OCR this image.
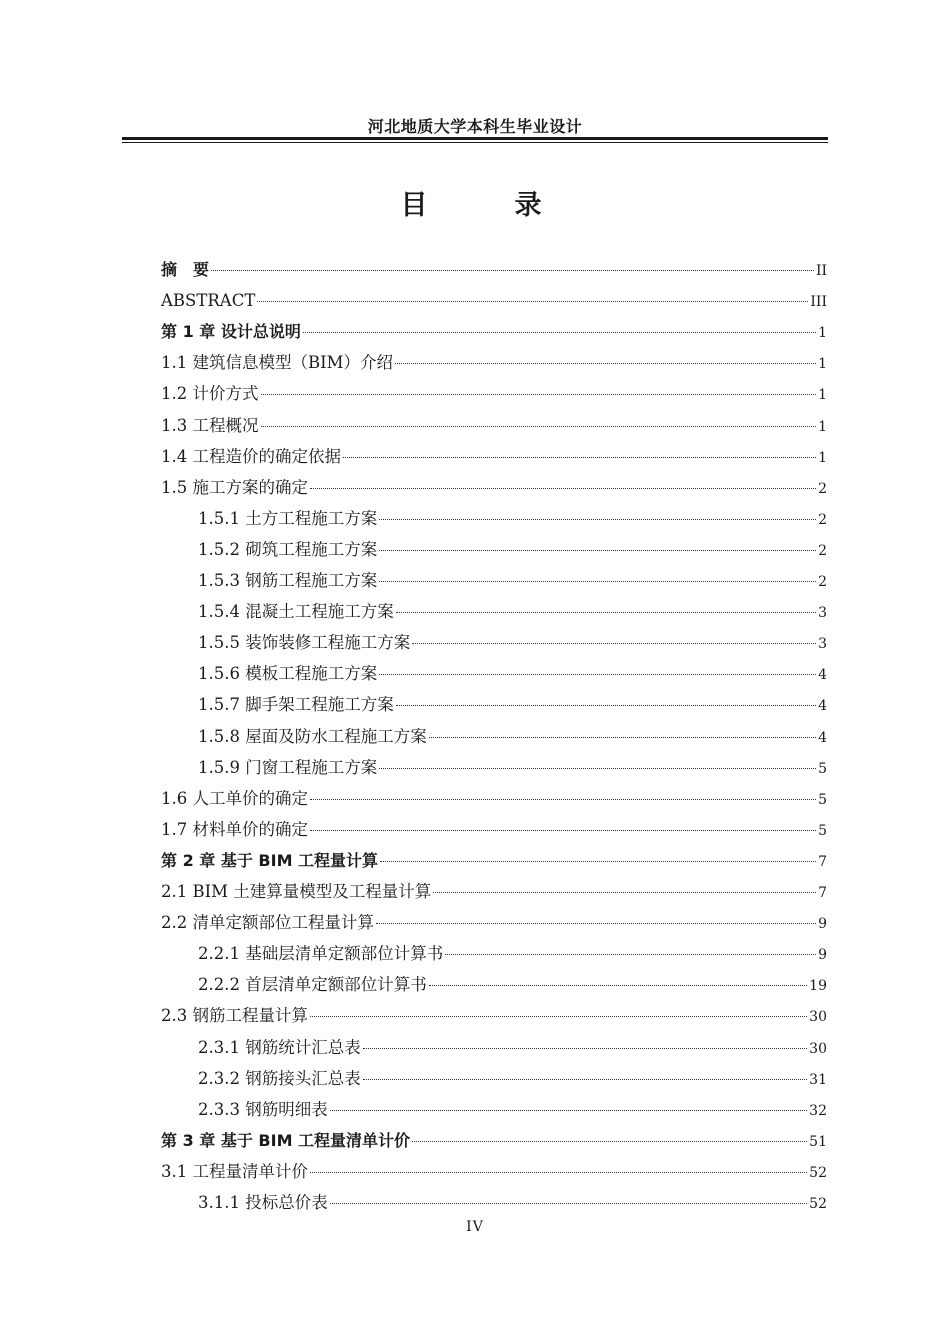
河北地质大学本科生毕业设计
目　录
摘　要	II
ABSTRACT	III
第 1 章 设计总说明	1
1.1 建筑信息模型（BIM）介绍	1
1.2 计价方式	1
1.3 工程概况	1
1.4 工程造价的确定依据	1
1.5 施工方案的确定	2
1.5.1 土方工程施工方案	2
1.5.2 砌筑工程施工方案	2
1.5.3 钢筋工程施工方案	2
1.5.4 混凝土工程施工方案	3
1.5.5 装饰装修工程施工方案	3
1.5.6 模板工程施工方案	4
1.5.7 脚手架工程施工方案	4
1.5.8 屋面及防水工程施工方案	4
1.5.9 门窗工程施工方案	5
1.6 人工单价的确定	5
1.7 材料单价的确定	5
第 2 章 基于 BIM 工程量计算	7
2.1 BIM 土建算量模型及工程量计算	7
2.2 清单定额部位工程量计算	9
2.2.1 基础层清单定额部位计算书	9
2.2.2 首层清单定额部位计算书	19
2.3 钢筋工程量计算	30
2.3.1 钢筋统计汇总表	30
2.3.2 钢筋接头汇总表	31
2.3.3 钢筋明细表	32
第 3 章 基于 BIM 工程量清单计价	51
3.1 工程量清单计价	52
3.1.1 投标总价表	52
IV
